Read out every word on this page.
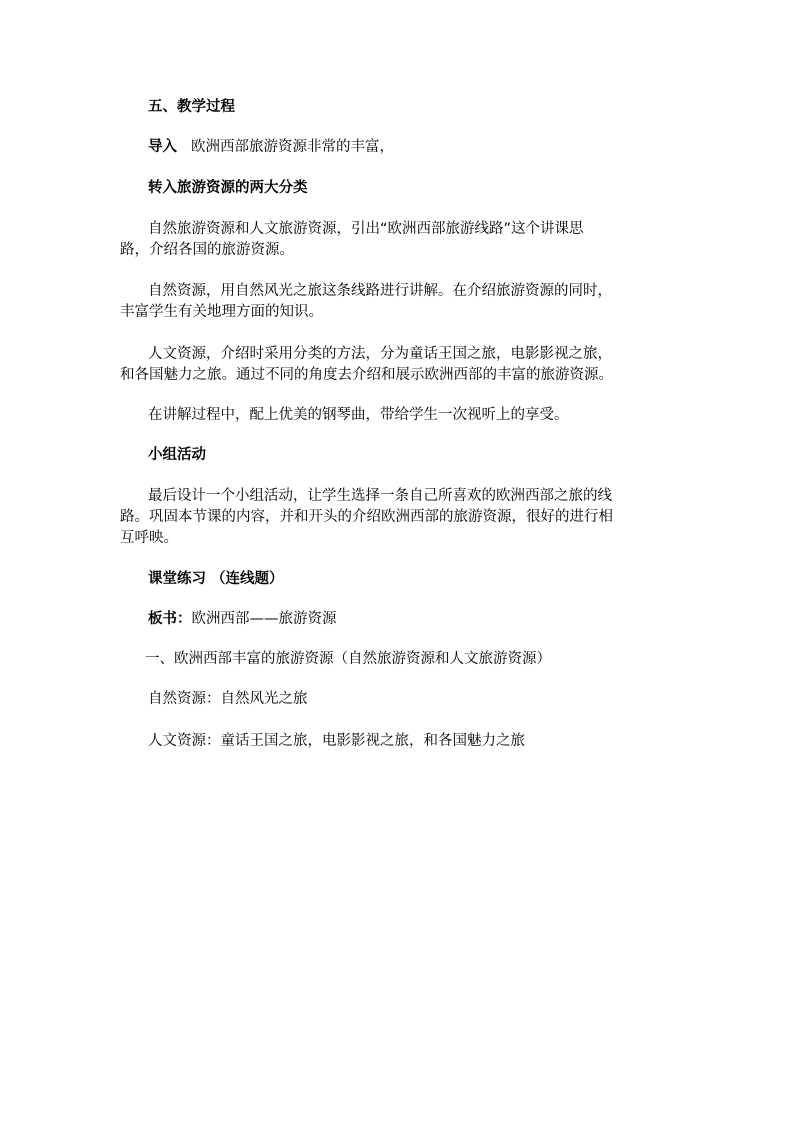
五、教学过程
导入 欧洲西部旅游资源非常的丰富，
转入旅游资源的两大分类
自然旅游资源和人文旅游资源，引出“欧洲西部旅游线路”这个讲课思
路，介绍各国的旅游资源。
自然资源，用自然风光之旅这条线路进行讲解。在介绍旅游资源的同时，
丰富学生有关地理方面的知识。
人文资源，介绍时采用分类的方法，分为童话王国之旅，电影影视之旅，
和各国魅力之旅。通过不同的角度去介绍和展示欧洲西部的丰富的旅游资源。
在讲解过程中，配上优美的钢琴曲，带给学生一次视听上的享受。
小组活动
最后设计一个小组活动，让学生选择一条自己所喜欢的欧洲西部之旅的线
路。巩固本节课的内容，并和开头的介绍欧洲西部的旅游资源，很好的进行相
互呼映。
课堂练习 （连线题）
板书：欧洲西部——旅游资源
一、欧洲西部丰富的旅游资源（自然旅游资源和人文旅游资源）
自然资源：自然风光之旅
人文资源：童话王国之旅，电影影视之旅，和各国魅力之旅
